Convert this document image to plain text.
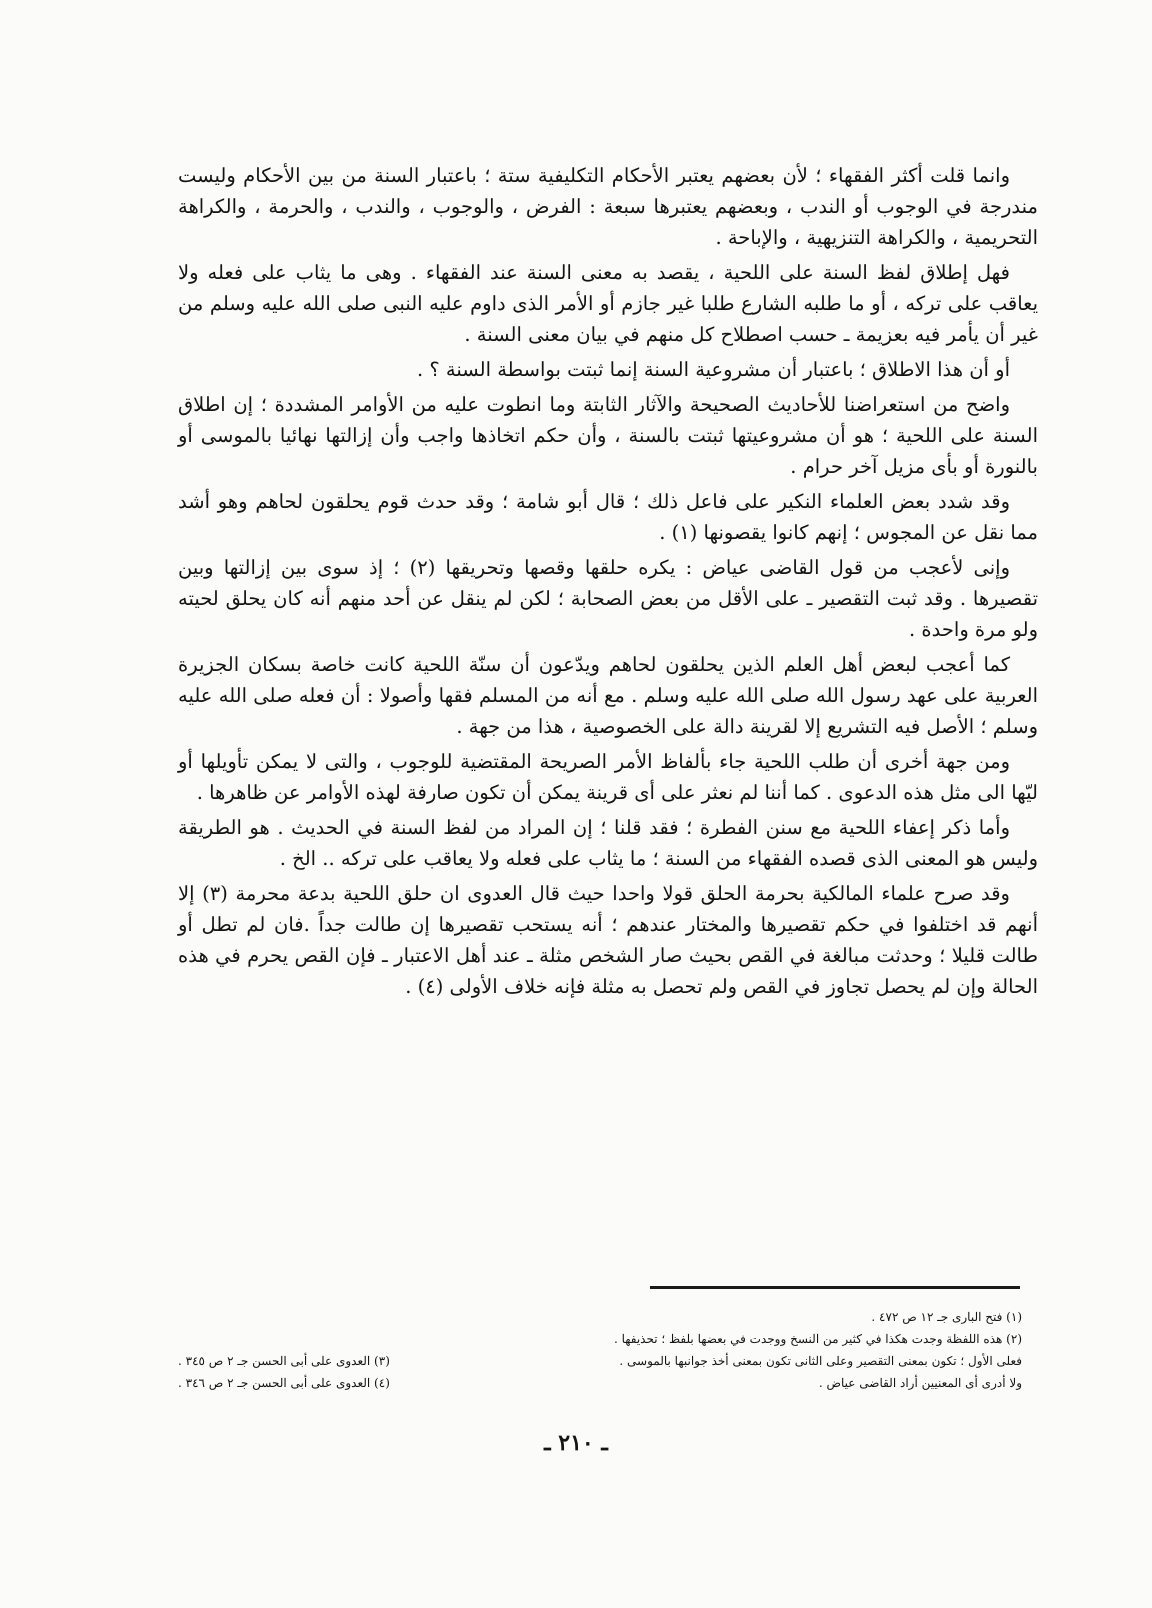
وانما قلت أكثر الفقهاء ؛ لأن بعضهم يعتبر الأحكام التكليفية ستة ؛ باعتبار السنة من بين الأحكام وليست مندرجة في الوجوب أو الندب ، وبعضهم يعتبرها سبعة : الفرض ، والوجوب ، والندب ، والحرمة ، والكراهة التحريمية ، والكراهة التنزيهية ، والإباحة .

فهل إطلاق لفظ السنة على اللحية ، يقصد به معنى السنة عند الفقهاء . وهى ما يثاب على فعله ولا يعاقب على تركه ، أو ما طلبه الشارع طلبا غير جازم أو الأمر الذى داوم عليه النبى صلى الله عليه وسلم من غير أن يأمر فيه بعزيمة ـ حسب اصطلاح كل منهم في بيان معنى السنة .

أو أن هذا الاطلاق ؛ باعتبار أن مشروعية السنة إنما ثبتت بواسطة السنة ؟ .

واضح من استعراضنا للأحاديث الصحيحة والآثار الثابتة وما انطوت عليه من الأوامر المشددة ؛ إن اطلاق السنة على اللحية ؛ هو أن مشروعيتها ثبتت بالسنة ، وأن حكم اتخاذها واجب وأن إزالتها نهائيا بالموسى أو بالنورة أو بأى مزيل آخر حرام .

وقد شدد بعض العلماء النكير على فاعل ذلك ؛ قال أبو شامة ؛ وقد حدث قوم يحلقون لحاهم وهو أشد مما نقل عن المجوس ؛ إنهم كانوا يقصونها (١) .

وإنى لأعجب من قول القاضى عياض : يكره حلقها وقصها وتحريقها (٢) ؛ إذ سوى بين إزالتها وبين تقصيرها . وقد ثبت التقصير ـ على الأقل من بعض الصحابة ؛ لكن لم ينقل عن أحد منهم أنه كان يحلق لحيته ولو مرة واحدة .

كما أعجب لبعض أهل العلم الذين يحلقون لحاهم ويدّعون أن سنّة اللحية كانت خاصة بسكان الجزيرة العربية على عهد رسول الله صلى الله عليه وسلم . مع أنه من المسلم فقها وأصولا : أن فعله صلى الله عليه وسلم ؛ الأصل فيه التشريع إلا لقرينة دالة على الخصوصية ، هذا من جهة .

ومن جهة أخرى أن طلب اللحية جاء بألفاظ الأمر الصريحة المقتضية للوجوب ، والتى لا يمكن تأويلها أو ليّها الى مثل هذه الدعوى . كما أننا لم نعثر على أى قرينة يمكن أن تكون صارفة لهذه الأوامر عن ظاهرها .

وأما ذكر إعفاء اللحية مع سنن الفطرة ؛ فقد قلنا ؛ إن المراد من لفظ السنة في الحديث . هو الطريقة وليس هو المعنى الذى قصده الفقهاء من السنة ؛ ما يثاب على فعله ولا يعاقب على تركه .. الخ .

وقد صرح علماء المالكية بحرمة الحلق قولا واحدا حيث قال العدوى ان حلق اللحية بدعة محرمة (٣) إلا أنهم قد اختلفوا في حكم تقصيرها والمختار عندهم ؛ أنه يستحب تقصيرها إن طالت جداً .فان لم تطل أو طالت قليلا ؛ وحدثت مبالغة في القص بحيث صار الشخص مثلة ـ عند أهل الاعتبار ـ فإن القص يحرم في هذه الحالة وإن لم يحصل تجاوز في القص ولم تحصل به مثلة فإنه خلاف الأولى (٤) .

(١) فتح البارى جـ ١٢ ص ٤٧٢ .

(٢) هذه اللفظة وجدت هكذا في كثير من النسخ ووجدت في بعضها بلفظ ؛ تحذيفها .

فعلى الأول ؛ تكون بمعنى التقصير وعلى الثانى تكون بمعنى أخذ جوانبها بالموسى .
(٣) العدوى على أبى الحسن جـ ٢ ص ٣٤٥ .
ولا أدرى أى المعنيين أراد القاضى عياض .
(٤) العدوى على أبى الحسن جـ ٢ ص ٣٤٦ .
ـ ٢١٠ ـ
